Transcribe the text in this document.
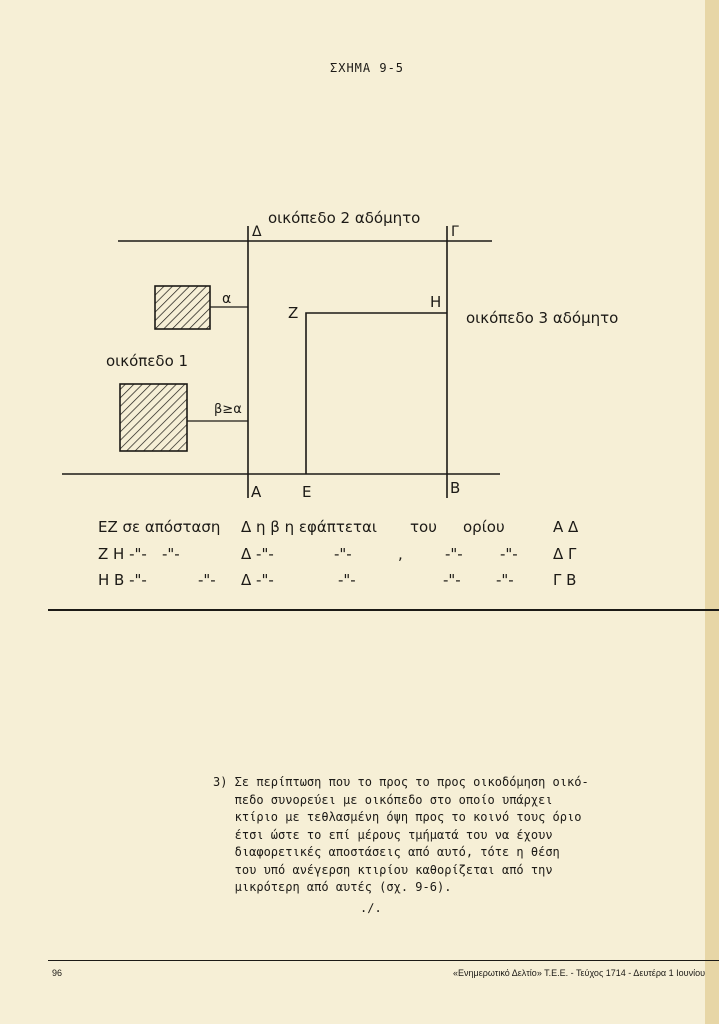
ΣΧΗΜΑ 9-5
οικόπεδο 2 αδόμητο
Δ	Γ
α
Ζ
Η
οικόπεδο 3 αδόμητο
οικόπεδο 1
β≥α
Α	Ε	Β
ΕΖ σε απόσταση Δ η β η εφάπτεται του ορίου	Α Δ
Ζ Η -"- -"-	Δ -"-	-"-	,	-"- -"- Δ Γ
Η Β -"-	-"- Δ -"-	-"-	-"- -"-	Γ Β
3) Σε περίπτωση που το προς το προς οικοδόμηση οικό-
πεδο συνορεύει με οικόπεδο στο οποίο υπάρχει
κτίριο με τεθλασμένη όψη προς το κοινό τους όριο
έτσι ώστε το επί μέρους τμήματά του να έχουν
διαφορετικές αποστάσεις από αυτό, τότε η θέση
του υπό ανέγερση κτιρίου καθορίζεται από την
μικρότερη από αυτές (σχ. 9-6).
.∕.
96	«Ενημερωτικό Δελτίο» Τ.Ε.Ε. - Τεύχος 1714 - Δευτέρα 1 Ιουνίου
